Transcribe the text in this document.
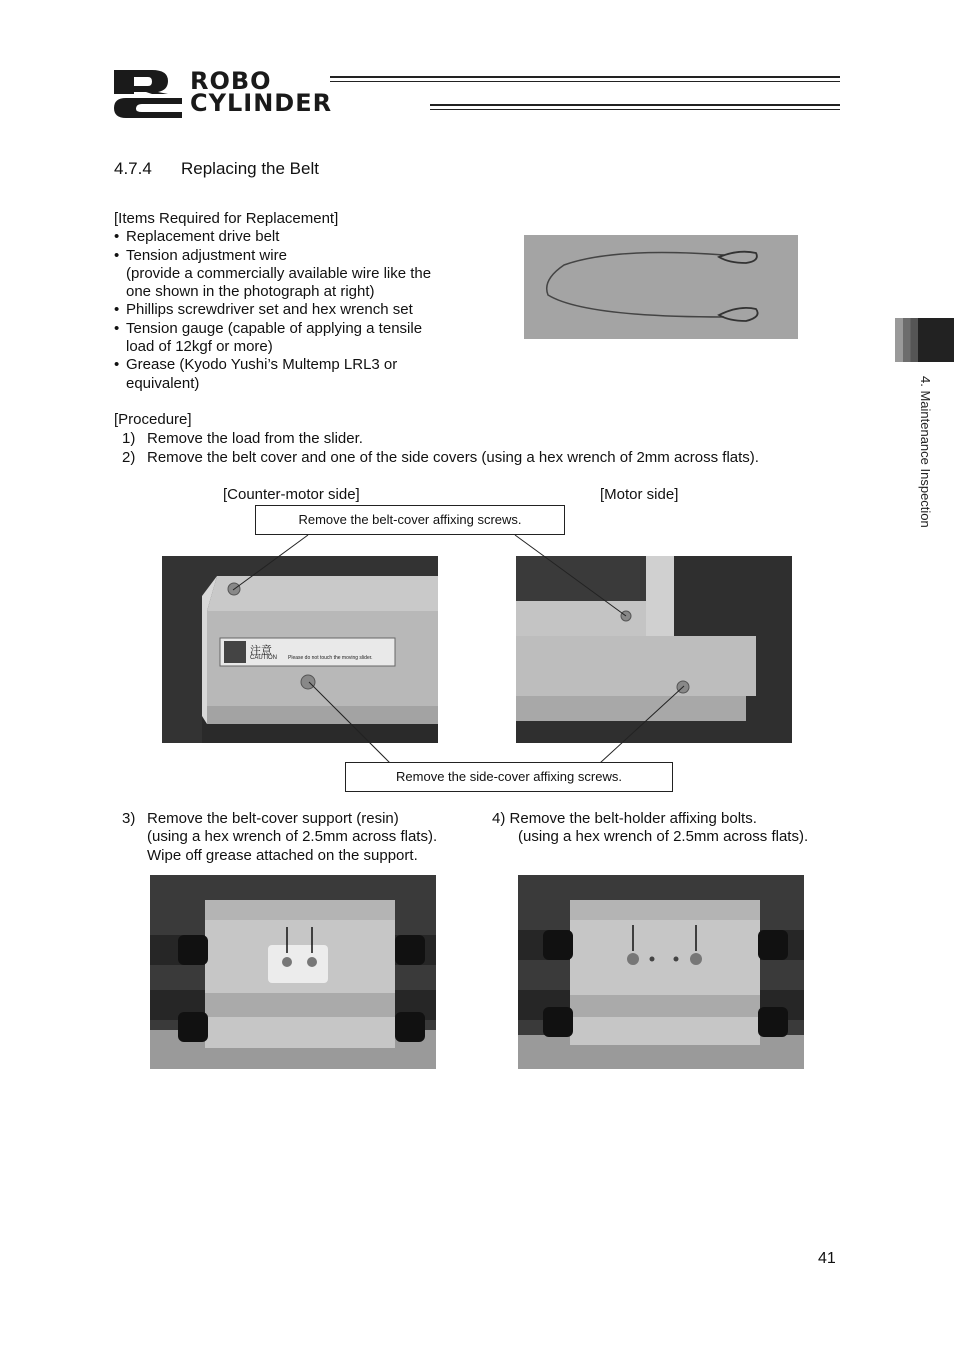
ROBO
CYLINDER
4.7.4 Replacing the Belt
[Items Required for Replacement]
• Replacement drive belt
• Tension adjustment wire
(provide a commercially available wire like the
one shown in the photograph at right)
• Phillips screwdriver set and hex wrench set
• Tension gauge (capable of applying a tensile
load of 12kgf or more)
• Grease (Kyodo Yushi’s Multemp LRL3 or
equivalent)
[Procedure]
1) Remove the load from the slider.
2) Remove the belt cover and one of the side covers (using a hex wrench of 2mm across flats).
[Counter-motor side]	[Motor side]
Remove the belt-cover affixing screws.
注意
CAUTION Please do not touch the moving slider.
Remove the side-cover affixing screws.
3) Remove the belt-cover support (resin)
(using a hex wrench of 2.5mm across flats).
Wipe off grease attached on the support.
4) Remove the belt-holder affixing bolts.
(using a hex wrench of 2.5mm across flats).
4. Maintenance Inspection
41
